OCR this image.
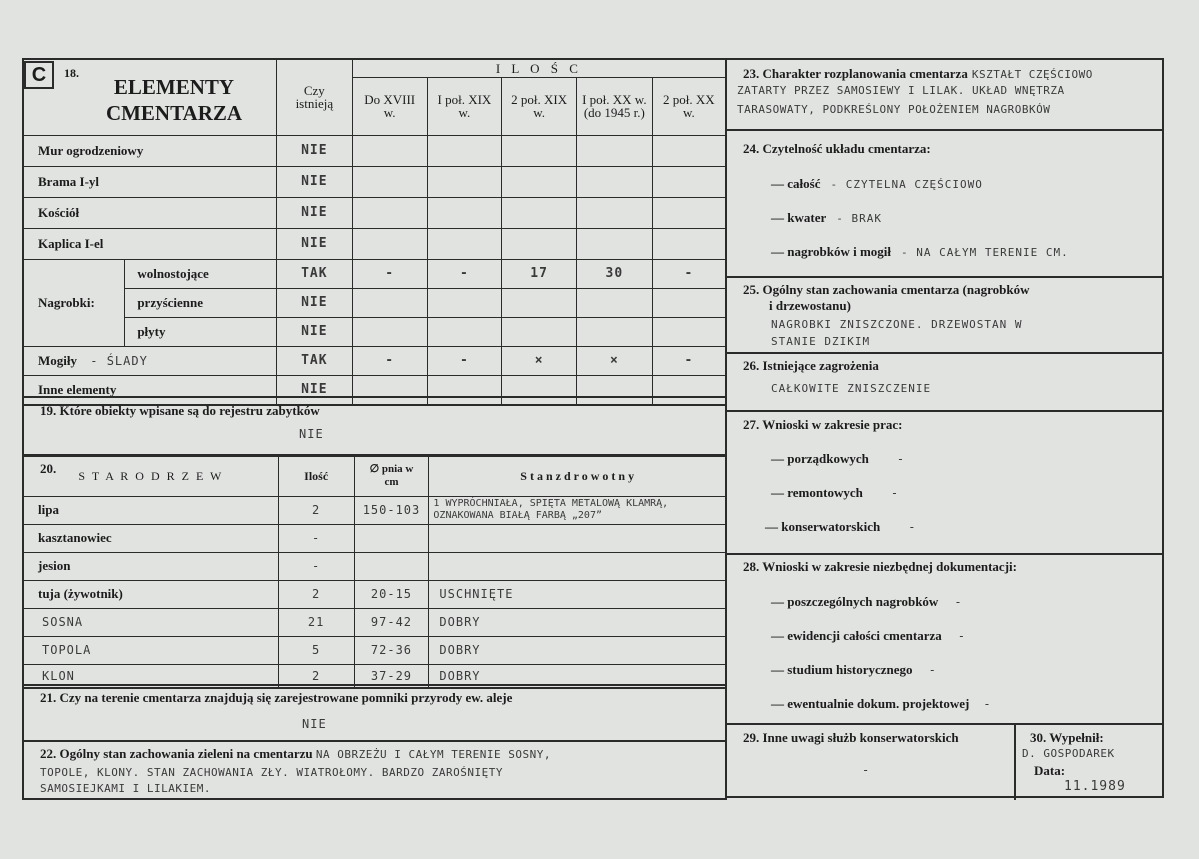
C	18.
ELEMENTY
CMENTARZA		Czy istnieją	I L O Ś C				
			Do XVIII w.	I poł. XIX w.	2 poł. XIX w.	I poł. XX w. (do 1945 r.)	2 poł. XX w.
Mur ogrodzeniowy		NIE					
Brama I-yl		NIE					
Kościół		NIE					
Kaplica I-el		NIE					
Nagrobki:	wolnostojące	TAK	-	-	17	30	-
	przyścienne	NIE					
	płyty	NIE					
Mogiły - ŚLADY		TAK	-	-	×	×	-
Inne elementy		NIE					
19. Które obiekty wpisane są do rejestru zabytków
NIE
20.
S T A R O D R Z E W	Ilość	∅ pnia w cm	S t a n z d r o w o t n y
lipa	2	150-103	1 WYPRÓCHNIAŁA, SPIĘTA METALOWĄ KLAMRĄ, OZNAKOWANA BIAŁĄ FARBĄ „207”
kasztanowiec	-		
jesion	-		
tuja (żywotnik)	2	20-15	USCHNIĘTE
SOSNA	21	97-42	DOBRY
TOPOLA	5	72-36	DOBRY
KLON	2	37-29	DOBRY
21. Czy na terenie cmentarza znajdują się zarejestrowane pomniki przyrody ew. aleje
NIE
22. Ogólny stan zachowania zieleni na cmentarzu NA OBRZEŻU I CAŁYM TERENIE SOSNY,
TOPOLE, KLONY. STAN ZACHOWANIA ZŁY. WIATROŁOMY. BARDZO ZAROŚNIĘTY
SAMOSIEJKAMI I LILAKIEM.
23. Charakter rozplanowania cmentarza KSZTAŁT CZĘŚCIOWO
ZATARTY PRZEZ SAMOSIEWY I LILAK. UKŁAD WNĘTRZA
TARASOWATY, PODKREŚLONY POŁOŻENIEM NAGROBKÓW
24. Czytelność układu cmentarza:
— całość - CZYTELNA CZĘŚCIOWO
— kwater - BRAK
— nagrobków i mogił - NA CAŁYM TERENIE CM.
25. Ogólny stan zachowania cmentarza (nagrobków
i drzewostanu)
NAGROBKI ZNISZCZONE. DRZEWOSTAN W
STANIE DZIKIM
26. Istniejące zagrożenia
CAŁKOWITE ZNISZCZENIE
27. Wnioski w zakresie prac:
— porządkowych -
— remontowych -
— konserwatorskich -
28. Wnioski w zakresie niezbędnej dokumentacji:
— poszczególnych nagrobków -
— ewidencji całości cmentarza -
— studium historycznego -
— ewentualnie dokum. projektowej -
29. Inne uwagi służb konserwatorskich
-
30. Wypełnił:
D. GOSPODAREK
Data:
11.1989
